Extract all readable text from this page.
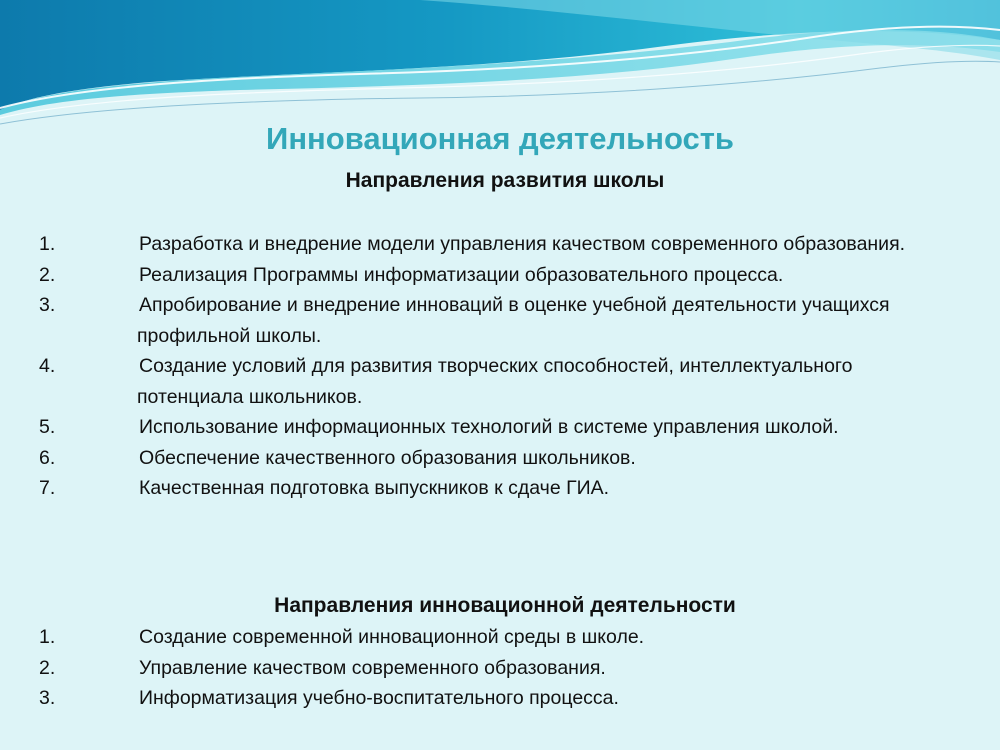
Инновационная деятельность
Направления развития школы
1.	Разработка и внедрение модели управления качеством современного образования.
2.	Реализация Программы информатизации образовательного процесса.
3.	Апробирование и внедрение инноваций в оценке учебной деятельности учащихся профильной школы.
4.	Создание условий для развития творческих способностей, интеллектуального потенциала школьников.
5.	Использование информационных технологий в системе управления школой.
6.	Обеспечение качественного образования школьников.
7.	Качественная подготовка выпускников к сдаче ГИА.
Направления инновационной деятельности
1.	Создание современной инновационной среды в школе.
2.	Управление качеством современного образования.
3.	Информатизация учебно-воспитательного процесса.
